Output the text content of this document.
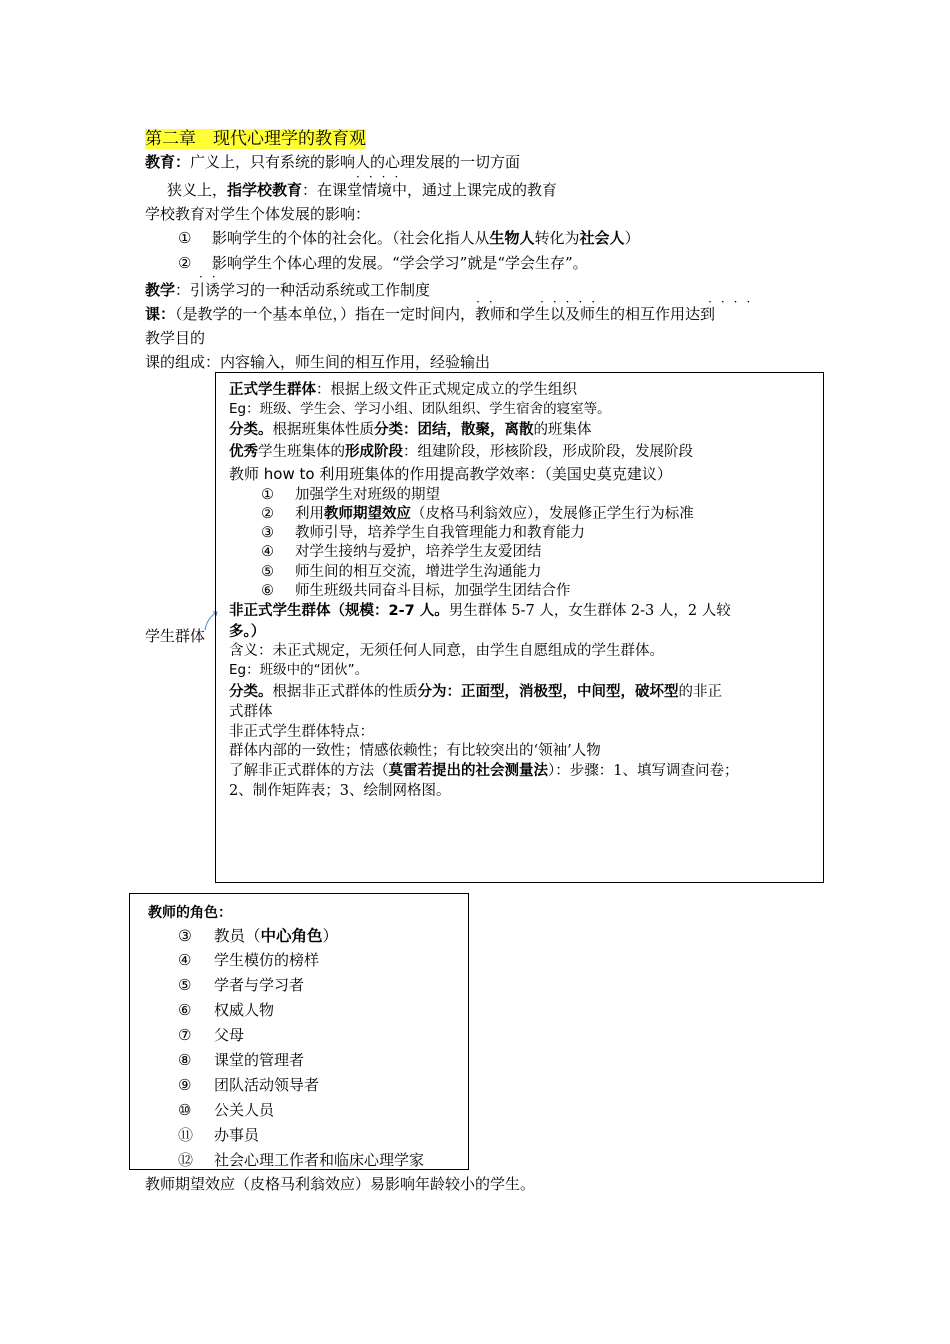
第二章　现代心理学的教育观
教育：广义上，只有系统的影响人的心理发展的一切方面
····
狭义上，指学校教育：在课堂情境中，通过上课完成的教育
学校教育对学生个体发展的影响：
① 影响学生的个体的社会化。（社会化指人从生物人转化为社会人）
② 影响学生个体心理的发展。“学会学习”就是“学会生存”。
··
教学：引诱学习的一种活动系统或工作制度
··	·····	····
课：（是教学的一个基本单位，）指在一定时间内，教师和学生以及师生的相互作用达到
教学目的
课的组成：内容输入，师生间的相互作用，经验输出
学生群体
正式学生群体：根据上级文件正式规定成立的学生组织
Eg：班级、学生会、学习小组、团队组织、学生宿舍的寝室等。
分类。根据班集体性质分类：团结，散聚，离散的班集体
优秀学生班集体的形成阶段：组建阶段，形核阶段，形成阶段，发展阶段
教师 how to 利用班集体的作用提高教学效率：（美国史莫克建议）
① 加强学生对班级的期望
② 利用教师期望效应（皮格马利翁效应），发展修正学生行为标准
③ 教师引导，培养学生自我管理能力和教育能力
④ 对学生接纳与爱护，培养学生友爱团结
⑤ 师生间的相互交流，增进学生沟通能力
⑥ 师生班级共同奋斗目标，加强学生团结合作
非正式学生群体（规模：2-7 人。男生群体 5-7 人，女生群体 2-3 人，2 人较
多。）
含义：未正式规定，无须任何人同意，由学生自愿组成的学生群体。
Eg：班级中的“团伙”。
分类。根据非正式群体的性质分为：正面型，消极型，中间型，破坏型的非正
式群体
非正式学生群体特点：
群体内部的一致性；情感依赖性；有比较突出的‘领袖’人物
了解非正式群体的方法（莫雷若提出的社会测量法）：步骤：1、填写调查问卷；
2、制作矩阵表；3、绘制网格图。
教师的角色：
③ 教员（中心角色）
④ 学生模仿的榜样
⑤ 学者与学习者
⑥ 权威人物
⑦ 父母
⑧ 课堂的管理者
⑨ 团队活动领导者
⑩ 公关人员
⑪ 办事员
⑫ 社会心理工作者和临床心理学家
教师期望效应（皮格马利翁效应）易影响年龄较小的学生。
